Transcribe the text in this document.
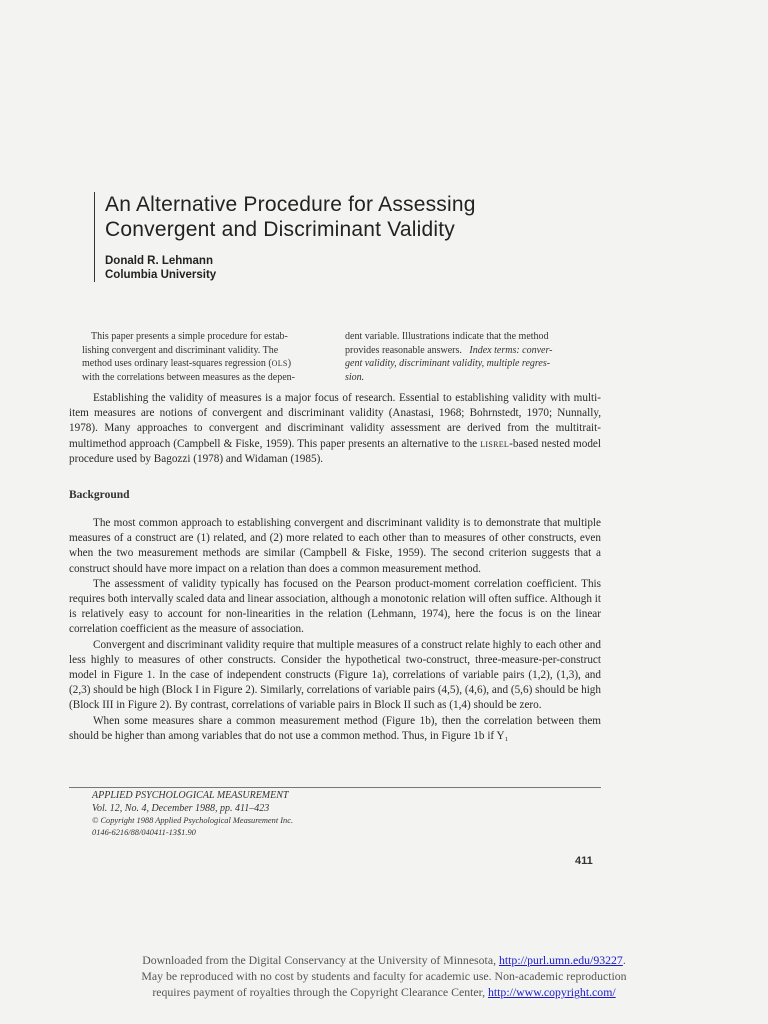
An Alternative Procedure for Assessing
Convergent and Discriminant Validity
Donald R. Lehmann
Columbia University
This paper presents a simple procedure for estab-
lishing convergent and discriminant validity. The
method uses ordinary least-squares regression (OLS)
with the correlations between measures as the depen-
dent variable. Illustrations indicate that the method
provides reasonable answers. Index terms: conver-
gent validity, discriminant validity, multiple regres-
sion.

Establishing the validity of measures is a major focus of research. Essential to establishing validity with multi-item measures are notions of convergent and discriminant validity (Anastasi, 1968; Bohrnstedt, 1970; Nunnally, 1978). Many approaches to convergent and discriminant validity assessment are derived from the multitrait-multimethod approach (Campbell & Fiske, 1959). This paper presents an alternative to the LISREL-based nested model procedure used by Bagozzi (1978) and Widaman (1985).

Background

The most common approach to establishing convergent and discriminant validity is to demonstrate that multiple measures of a construct are (1) related, and (2) more related to each other than to measures of other constructs, even when the two measurement methods are similar (Campbell & Fiske, 1959). The second criterion suggests that a construct should have more impact on a relation than does a common measurement method.

The assessment of validity typically has focused on the Pearson product-moment correlation coefficient. This requires both intervally scaled data and linear association, although a monotonic relation will often suffice. Although it is relatively easy to account for non-linearities in the relation (Lehmann, 1974), here the focus is on the linear correlation coefficient as the measure of association.

Convergent and discriminant validity require that multiple measures of a construct relate highly to each other and less highly to measures of other constructs. Consider the hypothetical two-construct, three-measure-per-construct model in Figure 1. In the case of independent constructs (Figure 1a), correlations of variable pairs (1,2), (1,3), and (2,3) should be high (Block I in Figure 2). Similarly, correlations of variable pairs (4,5), (4,6), and (5,6) should be high (Block III in Figure 2). By contrast, correlations of variable pairs in Block II such as (1,4) should be zero.

When some measures share a common measurement method (Figure 1b), then the correlation between them should be higher than among variables that do not use a common method. Thus, in Figure 1b if Y₁

APPLIED PSYCHOLOGICAL MEASUREMENT
Vol. 12, No. 4, December 1988, pp. 411–423
© Copyright 1988 Applied Psychological Measurement Inc.
0146-6216/88/040411-13$1.90
411
Downloaded from the Digital Conservancy at the University of Minnesota, http://purl.umn.edu/93227.
May be reproduced with no cost by students and faculty for academic use. Non-academic reproduction
requires payment of royalties through the Copyright Clearance Center, http://www.copyright.com/
